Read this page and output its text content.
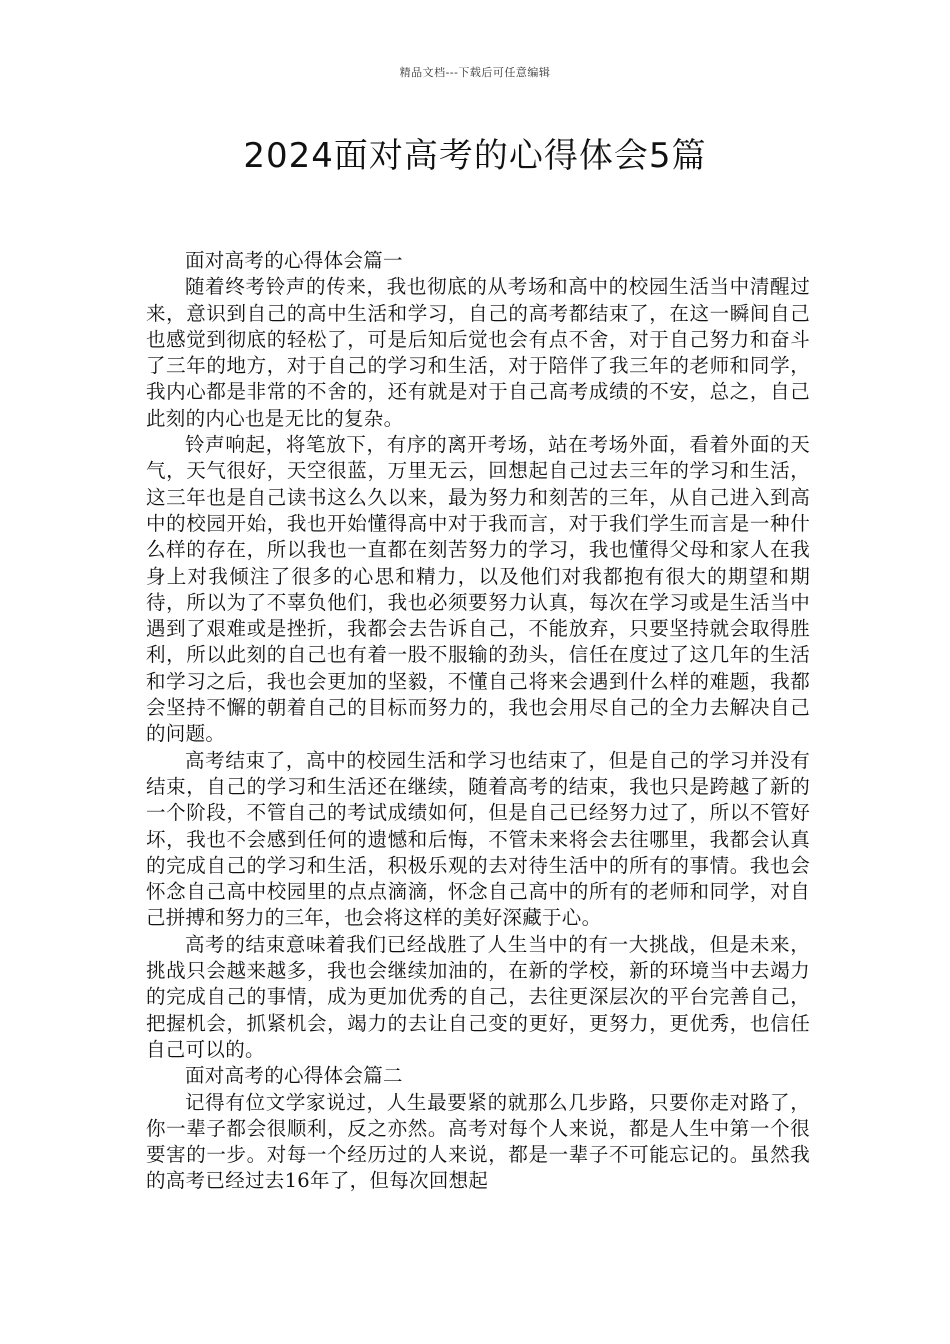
精品文档---下载后可任意编辑
2024面对高考的心得体会5篇

面对高考的心得体会篇一

随着终考铃声的传来，我也彻底的从考场和高中的校园生活当中清醒过来，意识到自己的高中生活和学习，自己的高考都结束了，在这一瞬间自己也感觉到彻底的轻松了，可是后知后觉也会有点不舍，对于自己努力和奋斗了三年的地方，对于自己的学习和生活，对于陪伴了我三年的老师和同学，我内心都是非常的不舍的，还有就是对于自己高考成绩的不安，总之，自己此刻的内心也是无比的复杂。

铃声响起，将笔放下，有序的离开考场，站在考场外面，看着外面的天气，天气很好，天空很蓝，万里无云，回想起自己过去三年的学习和生活，这三年也是自己读书这么久以来，最为努力和刻苦的三年，从自己进入到高中的校园开始，我也开始懂得高中对于我而言，对于我们学生而言是一种什么样的存在，所以我也一直都在刻苦努力的学习，我也懂得父母和家人在我身上对我倾注了很多的心思和精力，以及他们对我都抱有很大的期望和期待，所以为了不辜负他们，我也必须要努力认真，每次在学习或是生活当中遇到了艰难或是挫折，我都会去告诉自己，不能放弃，只要坚持就会取得胜利，所以此刻的自己也有着一股不服输的劲头，信任在度过了这几年的生活和学习之后，我也会更加的坚毅，不懂自己将来会遇到什么样的难题，我都会坚持不懈的朝着自己的目标而努力的，我也会用尽自己的全力去解决自己的问题。

高考结束了，高中的校园生活和学习也结束了，但是自己的学习并没有结束，自己的学习和生活还在继续，随着高考的结束，我也只是跨越了新的一个阶段，不管自己的考试成绩如何，但是自己已经努力过了，所以不管好坏，我也不会感到任何的遗憾和后悔，不管未来将会去往哪里，我都会认真的完成自己的学习和生活，积极乐观的去对待生活中的所有的事情。我也会怀念自己高中校园里的点点滴滴，怀念自己高中的所有的老师和同学，对自己拼搏和努力的三年，也会将这样的美好深藏于心。

高考的结束意味着我们已经战胜了人生当中的有一大挑战，但是未来，挑战只会越来越多，我也会继续加油的，在新的学校，新的环境当中去竭力的完成自己的事情，成为更加优秀的自己，去往更深层次的平台完善自己，把握机会，抓紧机会，竭力的去让自己变的更好，更努力，更优秀，也信任自己可以的。

面对高考的心得体会篇二

记得有位文学家说过，人生最要紧的就那么几步路，只要你走对路了，你一辈子都会很顺利，反之亦然。高考对每个人来说，都是人生中第一个很要害的一步。对每一个经历过的人来说，都是一辈子不可能忘记的。虽然我的高考已经过去16年了，但每次回想起
